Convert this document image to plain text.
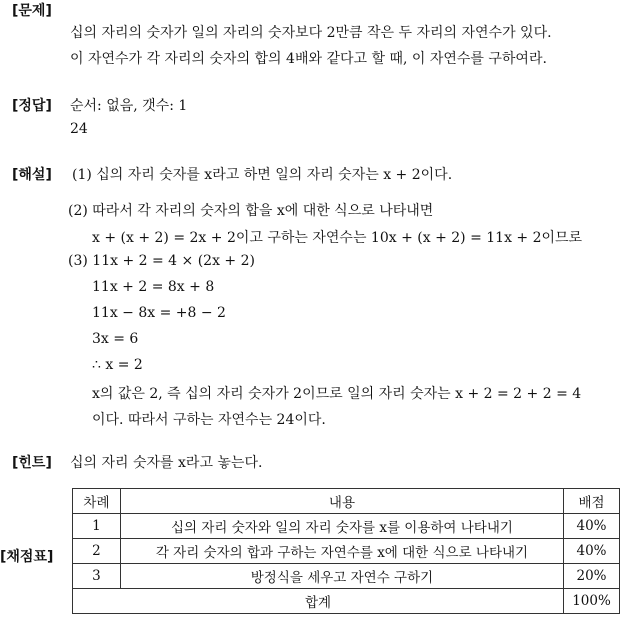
[문제]
십의 자리의 숫자가 일의 자리의 숫자보다 2만큼 작은 두 자리의 자연수가 있다.
이 자연수가 각 자리의 숫자의 합의 4배와 같다고 할 때, 이 자연수를 구하여라.
[정답] 순서: 없음, 갯수: 1
24
[해설] (1) 십의 자리 숫자를 x라고 하면 일의 자리 숫자는 x + 2이다.
(2) 따라서 각 자리의 숫자의 합을 x에 대한 식으로 나타내면
x + (x + 2) = 2x + 2이고 구하는 자연수는 10x + (x + 2) = 11x + 2이므로
(3) 11x + 2 = 4 × (2x + 2)
11x + 2 = 8x + 8
11x − 8x = +8 − 2
3x = 6
∴ x = 2
x의 값은 2, 즉 십의 자리 숫자가 2이므로 일의 자리 숫자는 x + 2 = 2 + 2 = 4
이다. 따라서 구하는 자연수는 24이다.
[힌트] 십의 자리 숫자를 x라고 놓는다.
[채점표]
차례	내용	배점
1	십의 자리 숫자와 일의 자리 숫자를 x를 이용하여 나타내기	40%
2	각 자리 숫자의 합과 구하는 자연수를 x에 대한 식으로 나타내기	40%
3	방정식을 세우고 자연수 구하기	20%
합계		100%
